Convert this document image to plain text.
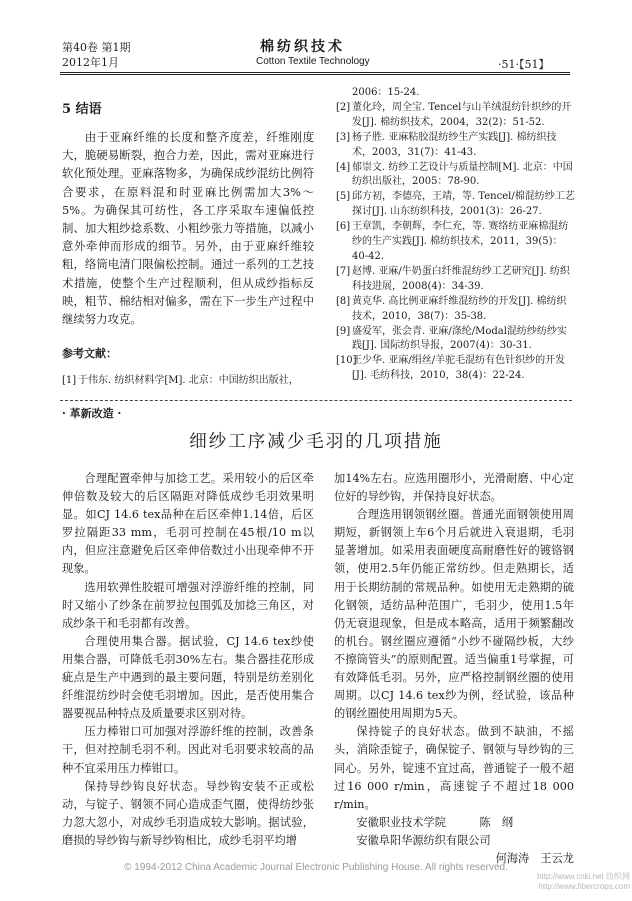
第40卷 第1期
2012年1月
棉纺织技术
Cotton Textile Technology	·51·【51】
5 结语

由于亚麻纤维的长度和整齐度差，纤维刚度大，脆硬易断裂，抱合力差，因此，需对亚麻进行软化预处理。亚麻落物多，为确保成纱混纺比例符合要求，在原料混和时亚麻比例需加大3%～5%。为确保其可纺性，各工序采取车速偏低控制、加大粗纱捻系数、小粗纱张力等措施，以减小意外牵伸而形成的细节。另外，由于亚麻纤维较粗，络筒电清门限偏松控制。通过一系列的工艺技术措施，使整个生产过程顺利，但从成纱指标反映，粗节、棉结相对偏多，需在下一步生产过程中继续努力攻克。

参考文献：
[1] 于伟东. 纺织材料学[M]. 北京：中国纺织出版社，
2006：15-24.
[2] 董化玲，周全宝. Tencel与山羊绒混纺针织纱的开发[J]. 棉纺织技术，2004，32(2)：51-52.
[3] 杨子胜. 亚麻粘胶混纺纱生产实践[J]. 棉纺织技术，2003，31(7)：41-43.
[4] 郁崇文. 纺纱工艺设计与质量控制[M]. 北京：中国纺织出版社，2005：78-90.
[5] 邱方初，李德亮，王靖，等. Tencel/棉混纺纱工艺探讨[J]. 山东纺织科技，2001(3)：26-27.
[6] 王章凯，李朝辉，李仁充，等. 赛络纺亚麻棉混纺纱的生产实践[J]. 棉纺织技术，2011，39(5)：40-42.
[7] 赵博. 亚麻/牛奶蛋白纤维混纺纱工艺研究[J]. 纺织科技进展，2008(4)：34-39.
[8] 黄克华. 高比例亚麻纤维混纺纱的开发[J]. 棉纺织技术，2010，38(7)：35-38.
[9] 盛爱军，张会青. 亚麻/涤纶/Modal混纺纱纺纱实践[J]. 国际纺织导报，2007(4)：30-31.
[10]
王少华. 亚麻/绢丝/羊驼毛混纺有色针织纱的开发[J]. 毛纺科技，2010，38(4)：22-24.
· 革新改造 ·
细纱工序减少毛羽的几项措施

合理配置牵伸与加捻工艺。采用较小的后区牵伸倍数及较大的后区隔距对降低成纱毛羽效果明显。如CJ 14.6 tex品种在后区牵伸1.14倍，后区罗拉隔距33 mm，毛羽可控制在45根/10 m以内，但应注意避免后区牵伸倍数过小出现牵伸不开现象。

选用软弹性胶辊可增强对浮游纤维的控制，同时又缩小了纱条在前罗拉包围弧及加捻三角区，对成纱条干和毛羽都有改善。

合理使用集合器。据试验，CJ 14.6 tex纱使用集合器，可降低毛羽30%左右。集合器挂花形成疵点是生产中遇到的最主要问题，特别是纺差别化纤维混纺纱时会使毛羽增加。因此，是否使用集合器要视品种特点及质量要求区别对待。

压力棒钳口可加强对浮游纤维的控制，改善条干，但对控制毛羽不利。因此对毛羽要求较高的品种不宜采用压力棒钳口。

保持导纱钩良好状态。导纱钩安装不正或松动，与锭子、钢领不同心造成歪气圈，使得纺纱张力忽大忽小，对成纱毛羽造成较大影响。据试验，磨损的导纱钩与新导纱钩相比，成纱毛羽平均增

加14%左右。应选用圈形小，光滑耐磨、中心定位好的导纱钩，并保持良好状态。

合理选用钢领钢丝圈。普通光面钢领使用周期短，新钢领上车6个月后就进入衰退期，毛羽显著增加。如采用表面硬度高耐磨性好的镀铬钢领，使用2.5年仍能正常纺纱。但走熟期长，适用于长期纺制的常规品种。如使用无走熟期的硫化钢领，适纺品种范围广，毛羽少，使用1.5年仍无衰退现象，但是成本略高，适用于频繁翻改的机台。钢丝圈应遵循“小纱不碰隔纱板，大纱不擦筒管头”的原则配置。适当偏重1号掌握，可有效降低毛羽。另外，应严格控制钢丝圈的使用周期。以CJ 14.6 tex纱为例，经试验，该品种的钢丝圈使用周期为5天。

保持锭子的良好状态。做到不缺油，不摇头，消除歪锭子，确保锭子、钢领与导纱钩的三同心。另外，锭速不宜过高，普通锭子一般不超过16 000 r/min，高速锭子不超过18 000 r/min。

安徽职业技术学院　　　陈　纲

安徽阜阳华源纺织有限公司

何海涛　王云龙

© 1994-2012 China Academic Journal Electronic Publishing House. All rights reserved.
http://www.cnki.net 纺织网 http://www.fibercrops.com
